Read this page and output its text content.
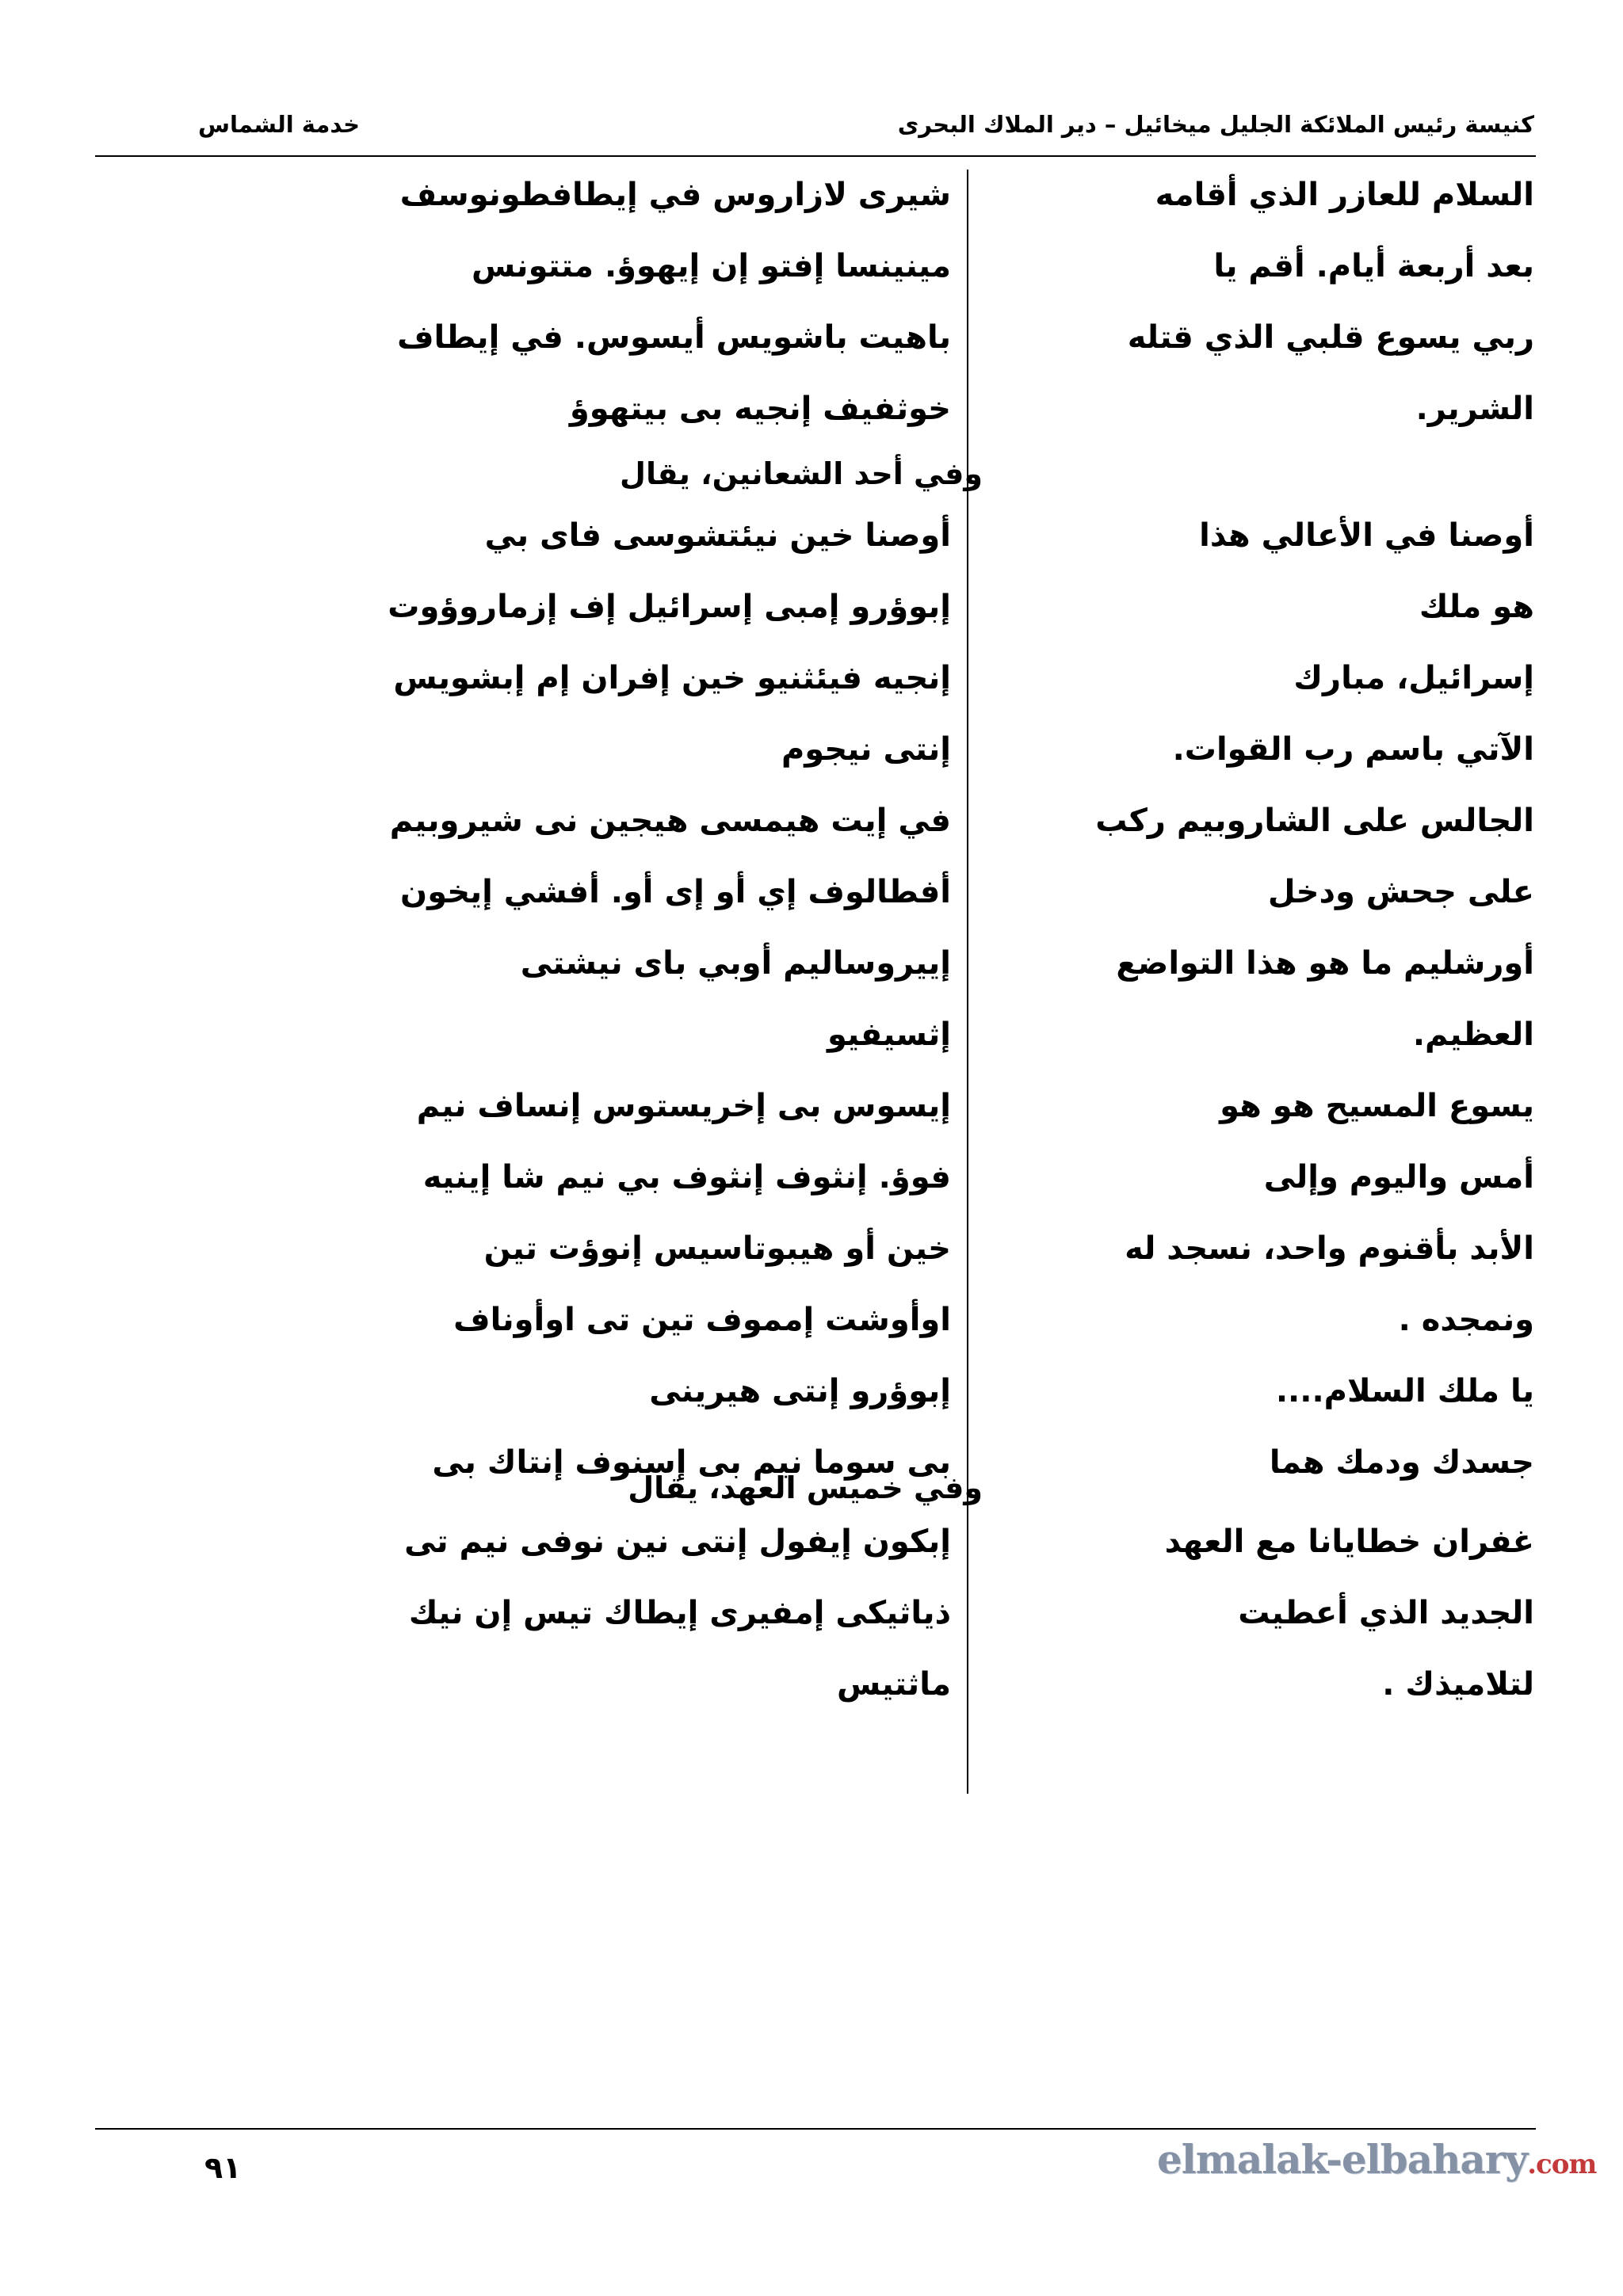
كنيسة رئيس الملائكة الجليل ميخائيل – دير الملاك البحرى
خدمة الشماس
السلام للعازر الذي أقامه
شيرى لازاروس في إيطافطونوسف
بعد أربعة أيام. أقم يا
مينينسا إفتو إن إيهوؤ. متتونس
ربي يسوع قلبي الذي قتله
باهيت باشويس أيسوس. في إيطاف
الشرير.
خوثفيف إنجيه بى بيتهوؤ
وفي أحد الشعانين، يقال
أوصنا في الأعالي هذا
أوصنا خين نيئتشوسى فاى بي
هو ملك
إبوؤرو إمبى إسرائيل إف إزماروؤوت
إسرائيل، مبارك
إنجيه فيئثنيو خين إفران إم إبشويس
الآتي باسم رب القوات.
إنتى نيجوم
الجالس على الشاروبيم ركب
في إيت هيمسى هيجين نى شيروبيم
على جحش ودخل
أفطالوف إي أو إى أو. أفشي إيخون
أورشليم ما هو هذا التواضع
إييروساليم أوبي باى نيشتى
العظيم.
إثسيفيو
يسوع المسيح هو هو
إيسوس بى إخريستوس إنساف نيم
أمس واليوم وإلى
فوؤ. إنثوف إنثوف بي نيم شا إينيه
الأبد بأقنوم واحد، نسجد له
خين أو هيبوتاسيس إنوؤت تين
ونمجده .
اوأوشت إمموف تين تى اوأوناف
يا ملك السلام....
إبوؤرو إنتى هيرينى
وفي خميس العهد، يقال
جسدك ودمك هما
بى سوما نيم بى إسنوف إنتاك بى
غفران خطايانا مع العهد
إبكون إيفول إنتى نين نوفى نيم تى
الجديد الذي أعطيت
ذياثيكى إمفيرى إيطاك تيس إن نيك
لتلاميذك .
ماثتيس
٩١	elmalak-elbahary.com
